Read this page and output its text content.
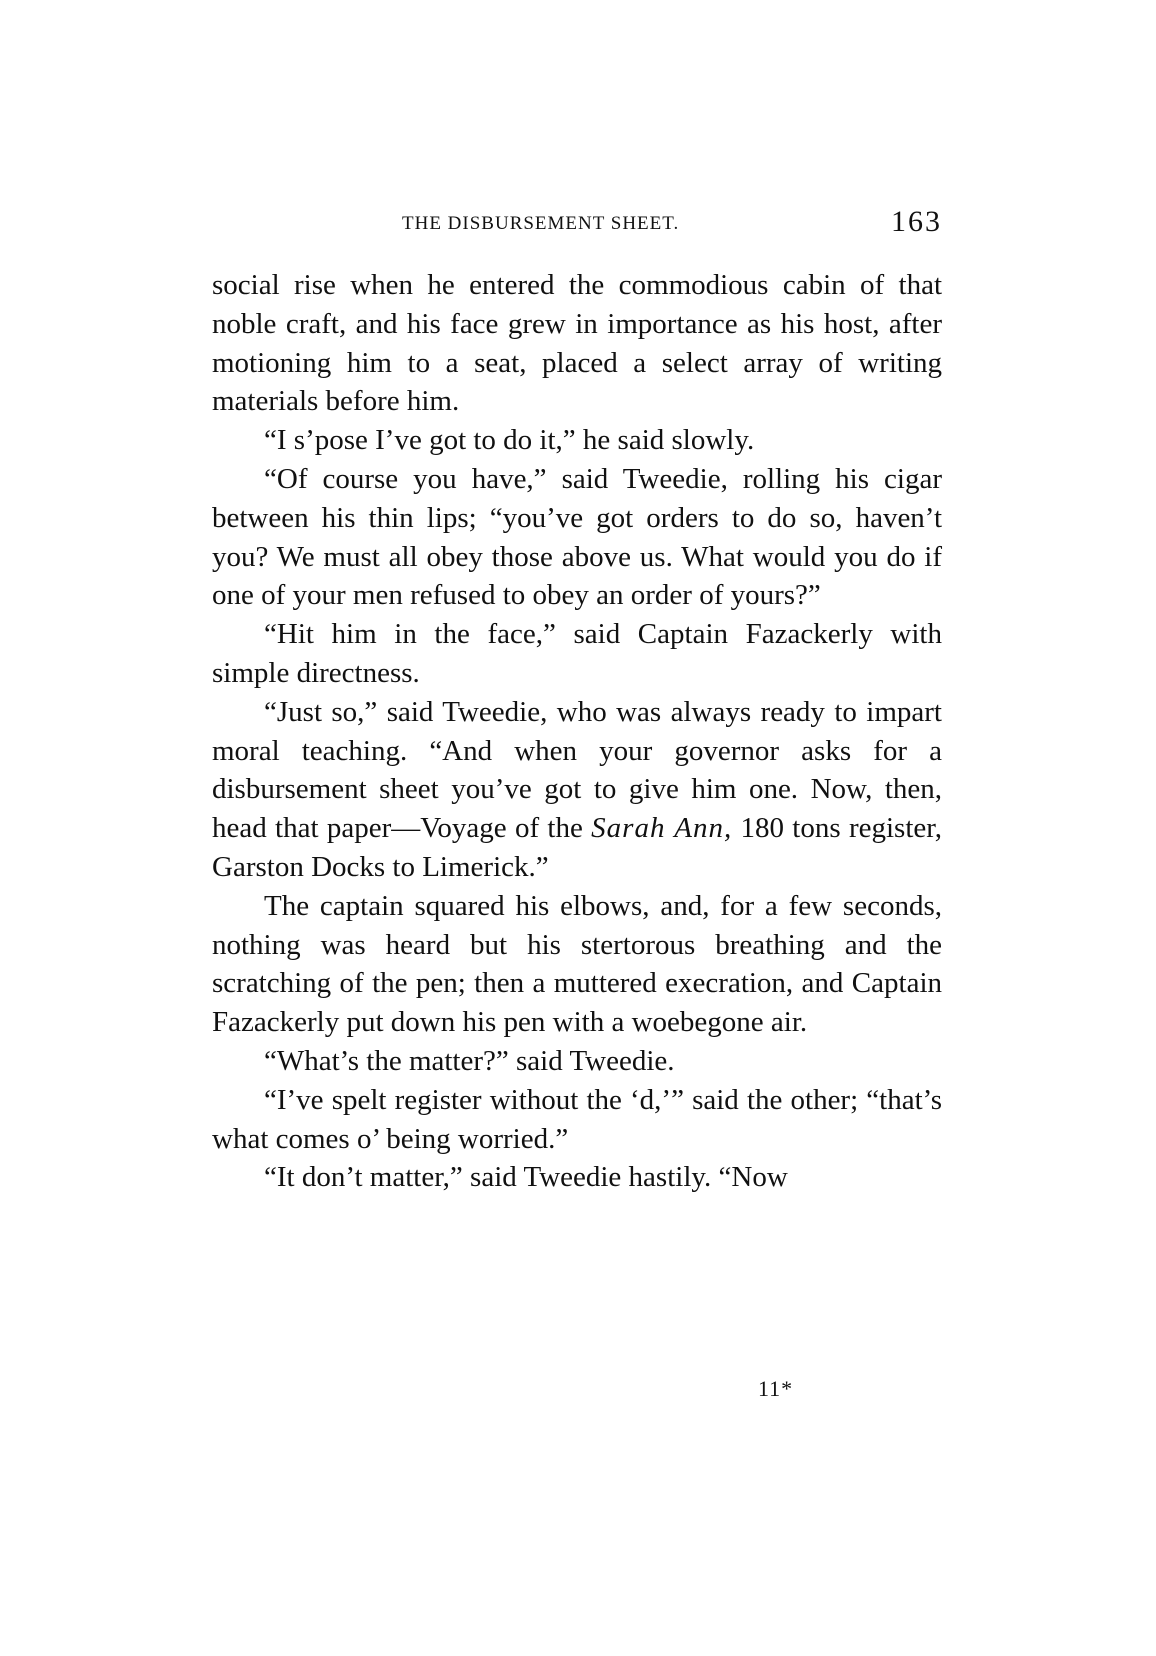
THE DISBURSEMENT SHEET.	163

social rise when he entered the commodious cabin of that noble craft, and his face grew in importance as his host, after motioning him to a seat, placed a select array of writing materials before him.

“I s’pose I’ve got to do it,” he said slowly.

“Of course you have,” said Tweedie, rolling his cigar between his thin lips; “you’ve got orders to do so, haven’t you? We must all obey those above us. What would you do if one of your men refused to obey an order of yours?”

“Hit him in the face,” said Captain Fazackerly with simple directness.

“Just so,” said Tweedie, who was always ready to impart moral teaching. “And when your governor asks for a disbursement sheet you’ve got to give him one. Now, then, head that paper—Voyage of the Sarah Ann, 180 tons register, Garston Docks to Limerick.”

The captain squared his elbows, and, for a few seconds, nothing was heard but his stertorous breathing and the scratching of the pen; then a muttered execration, and Captain Fazackerly put down his pen with a woebegone air.

“What’s the matter?” said Tweedie.

“I’ve spelt register without the ‘d,’” said the other; “that’s what comes o’ being worried.”

“It don’t matter,” said Tweedie hastily. “Now

11*
